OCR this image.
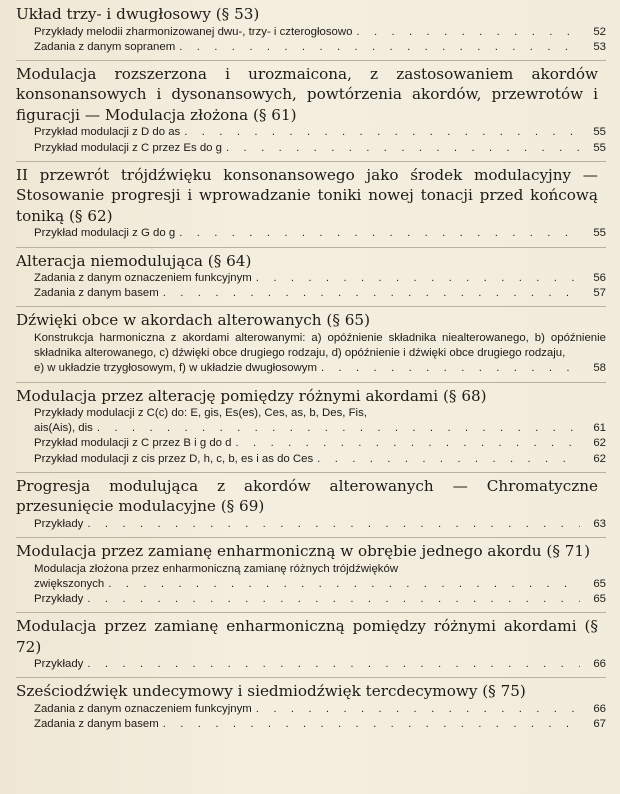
Układ trzy- i dwugłosowy (§ 53)

Przykłady melodii zharmonizowanej dwu-, trzy- i czterogłosowo . . .	52
Zadania z danym sopranem . . .	53

Modulacja rozszerzona i urozmaicona, z zastosowaniem akordów konsonansowych i dysonansowych, powtórzenia akordów, przewrotów i figuracji — Modulacja złożona (§ 61)

Przykład modulacji z D do as . . .	55
Przykład modulacji z C przez Es do g . . .	55

II przewrót trójdźwięku konsonansowego jako środek modulacyjny — Stosowanie progresji i wprowadzanie toniki nowej tonacji przed końcową toniką (§ 62)

Przykład modulacji z G do g . . .	55

Alteracja niemodulująca (§ 64)

Zadania z danym oznaczeniem funkcyjnym . . .	56
Zadania z danym basem . . .	57

Dźwięki obce w akordach alterowanych (§ 65)

Konstrukcja harmoniczna z akordami alterowanymi: a) opóźnienie składnika niealterowanego, b) opóźnienie składnika alterowanego, c) dźwięki obce drugiego rodzaju, d) opóźnienie i dźwięki obce drugiego rodzaju,

e) w układzie trzygłosowym, f) w układzie dwugłosowym . . .	58

Modulacja przez alterację pomiędzy różnymi akordami (§ 68)

Przykłady modulacji z C(c) do: E, gis, Es(es), Ces, as, b, Des, Fis,

ais(Ais), dis . . .	61
Przykład modulacji z C przez B i g do d . . .	62
Przykład modulacji z cis przez D, h, c, b, es i as do Ces . . .	62

Progresja modulująca z akordów alterowanych — Chromatyczne przesunięcie modulacyjne (§ 69)

Przykłady . . .	63

Modulacja przez zamianę enharmoniczną w obrębie jednego akordu (§ 71)

Modulacja złożona przez enharmoniczną zamianę różnych trójdźwięków

zwiększonych . . .	65
Przykłady . . .	65

Modulacja przez zamianę enharmoniczną pomiędzy różnymi akordami (§ 72)

Przykłady . . .	66

Sześciodźwięk undecymowy i siedmiodźwięk tercdecymowy (§ 75)

Zadania z danym oznaczeniem funkcyjnym . . .	66
Zadania z danym basem . . .	67
